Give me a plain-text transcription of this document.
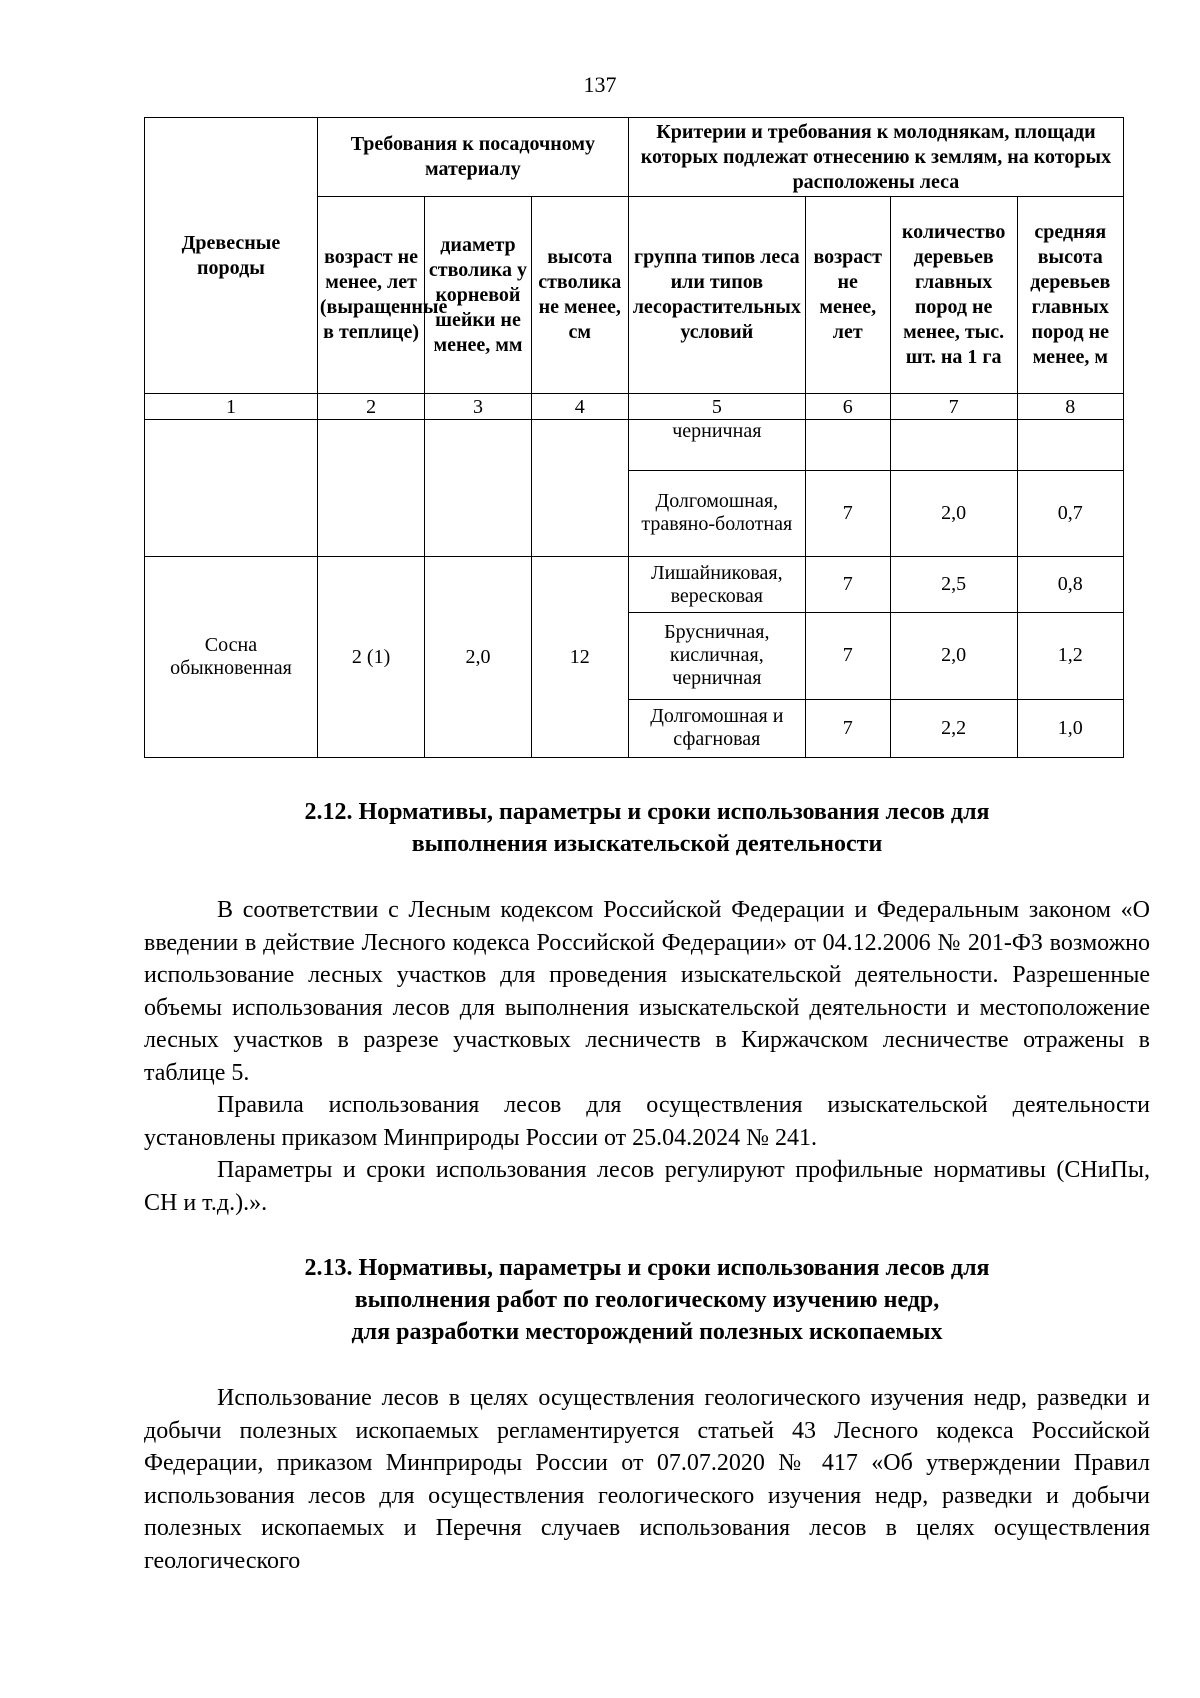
137
Древесные породы	Требования к посадочному материалу			Критерии и требования к молоднякам, площади которых подлежат отнесению к землям, на которых расположены леса			
	возраст не менее, лет (выращенные в теплице)	диаметр стволика у корневой шейки не менее, мм	высота стволика не менее, см	группа типов леса или типов лесорастительных условий	возраст не менее, лет	количество деревьев главных пород не менее, тыс. шт. на 1 га	средняя высота деревьев главных пород не менее, м
1	2	3	4	5	6	7	8
				черничная			
				Долгомошная, травяно-болотная	7	2,0	0,7
Сосна обыкновенная	2 (1)	2,0	12	Лишайниковая, вересковая	7	2,5	0,8
				Брусничная, кисличная, черничная	7	2,0	1,2
				Долгомошная и сфагновая	7	2,2	1,0
2.12. Нормативы, параметры и сроки использования лесов для
выполнения изыскательской деятельности

В соответствии с Лесным кодексом Российской Федерации и Федеральным законом «О введении в действие Лесного кодекса Российской Федерации» от 04.12.2006 № 201-ФЗ возможно использование лесных участков для проведения изыскательской деятельности. Разрешенные объемы использования лесов для выполнения изыскательской деятельности и местоположение лесных участков в разрезе участковых лесничеств в Киржачском лесничестве отражены в таблице 5.

Правила использования лесов для осуществления изыскательской деятельности установлены приказом Минприроды России от 25.04.2024 № 241.

Параметры и сроки использования лесов регулируют профильные нормативы (СНиПы, СН и т.д.).».

2.13. Нормативы, параметры и сроки использования лесов для
выполнения работ по геологическому изучению недр,
для разработки месторождений полезных ископаемых

Использование лесов в целях осуществления геологического изучения недр, разведки и добычи полезных ископаемых регламентируется статьей 43 Лесного кодекса Российской Федерации, приказом Минприроды России от 07.07.2020 № 417 «Об утверждении Правил использования лесов для осуществления геологического изучения недр, разведки и добычи полезных ископаемых и Перечня случаев использования лесов в целях осуществления геологического
